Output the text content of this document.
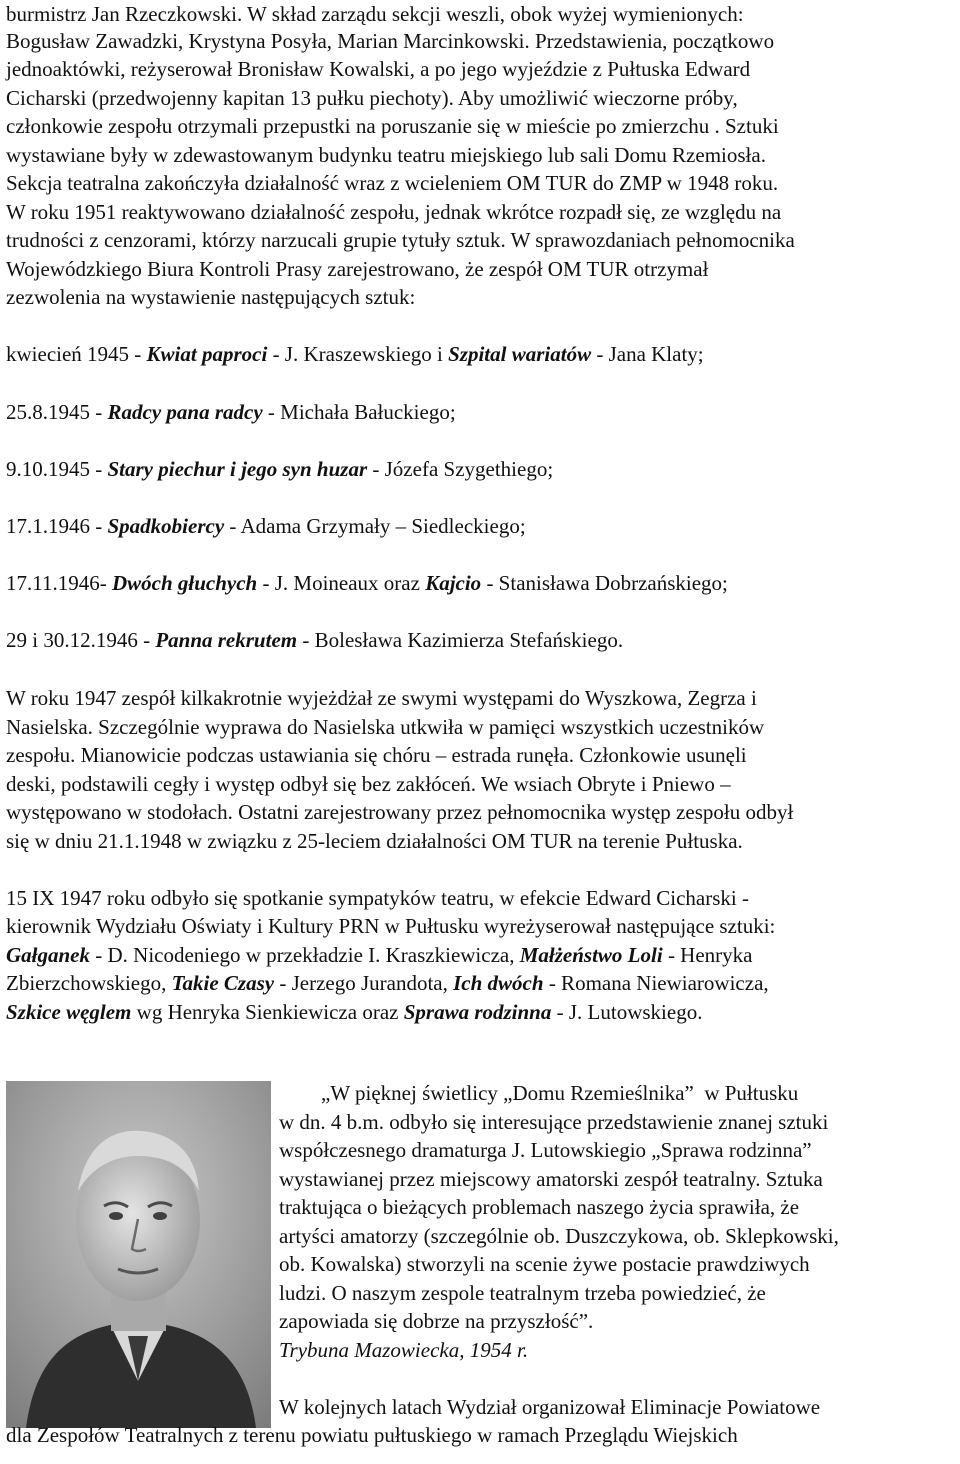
burmistrz Jan Rzeczkowski. W skład zarządu sekcji weszli, obok wyżej wymienionych:
Bogusław Zawadzki, Krystyna Posyła, Marian Marcinkowski. Przedstawienia, początkowo
jednoaktówki, reżyserował Bronisław Kowalski, a po jego wyjeździe z Pułtuska Edward
Cicharski (przedwojenny kapitan 13 pułku piechoty). Aby umożliwić wieczorne próby,
członkowie zespołu otrzymali przepustki na poruszanie się w mieście po zmierzchu . Sztuki
wystawiane były w zdewastowanym budynku teatru miejskiego lub sali Domu Rzemiosła.
Sekcja teatralna zakończyła działalność wraz z wcieleniem OM TUR do ZMP w 1948 roku.
W roku 1951 reaktywowano działalność zespołu, jednak wkrótce rozpadł się, ze względu na
trudności z cenzorami, którzy narzucali grupie tytuły sztuk. W sprawozdaniach pełnomocnika
Wojewódzkiego Biura Kontroli Prasy zarejestrowano, że zespół OM TUR otrzymał
zezwolenia na wystawienie następujących sztuk:
kwiecień 1945 - Kwiat paproci - J. Kraszewskiego i Szpital wariatów - Jana Klaty;
25.8.1945 - Radcy pana radcy - Michała Bałuckiego;
9.10.1945 - Stary piechur i jego syn huzar - Józefa Szygethiego;
17.1.1946 - Spadkobiercy - Adama Grzymały – Siedleckiego;
17.11.1946- Dwóch głuchych - J. Moineaux oraz Kajcio - Stanisława Dobrzańskiego;
29 i 30.12.1946 - Panna rekrutem - Bolesława Kazimierza Stefańskiego.
W roku 1947 zespół kilkakrotnie wyjeżdżał ze swymi występami do Wyszkowa, Zegrza i
Nasielska. Szczególnie wyprawa do Nasielska utkwiła w pamięci wszystkich uczestników
zespołu. Mianowicie podczas ustawiania się chóru – estrada runęła. Członkowie usunęli
deski, podstawili cegły i występ odbył się bez zakłóceń. We wsiach Obryte i Pniewo –
występowano w stodołach. Ostatni zarejestrowany przez pełnomocnika występ zespołu odbył
się w dniu 21.1.1948 w związku z 25-leciem działalności OM TUR na terenie Pułtuska.
15 IX 1947 roku odbyło się spotkanie sympatyków teatru, w efekcie Edward Cicharski -
kierownik Wydziału Oświaty i Kultury PRN w Pułtusku wyreżyserował następujące sztuki:
Gałganek - D. Nicodeniego w przekładzie I. Kraszkiewicza, Małżeństwo Loli - Henryka
Zbierzchowskiego, Takie Czasy - Jerzego Jurandota, Ich dwóch - Romana Niewiarowicza,
Szkice węglem wg Henryka Sienkiewicza oraz Sprawa rodzinna - J. Lutowskiego.
„W pięknej świetlicy „Domu Rzemieślnika”  w Pułtusku
w dn. 4 b.m. odbyło się interesujące przedstawienie znanej sztuki
współczesnego dramaturga J. Lutowskiegio „Sprawa rodzinna”
wystawianej przez miejscowy amatorski zespół teatralny. Sztuka
traktująca o bieżących problemach naszego życia sprawiła, że
artyści amatorzy (szczególnie ob. Duszczykowa, ob. Sklepkowski,
ob. Kowalska) stworzyli na scenie żywe postacie prawdziwych
ludzi. O naszym zespole teatralnym trzeba powiedzieć, że
zapowiada się dobrze na przyszłość”.
Trybuna Mazowiecka, 1954 r.
W kolejnych latach Wydział organizował Eliminacje Powiatowe
dla Zespołów Teatralnych z terenu powiatu pułtuskiego w ramach Przeglądu Wiejskich
